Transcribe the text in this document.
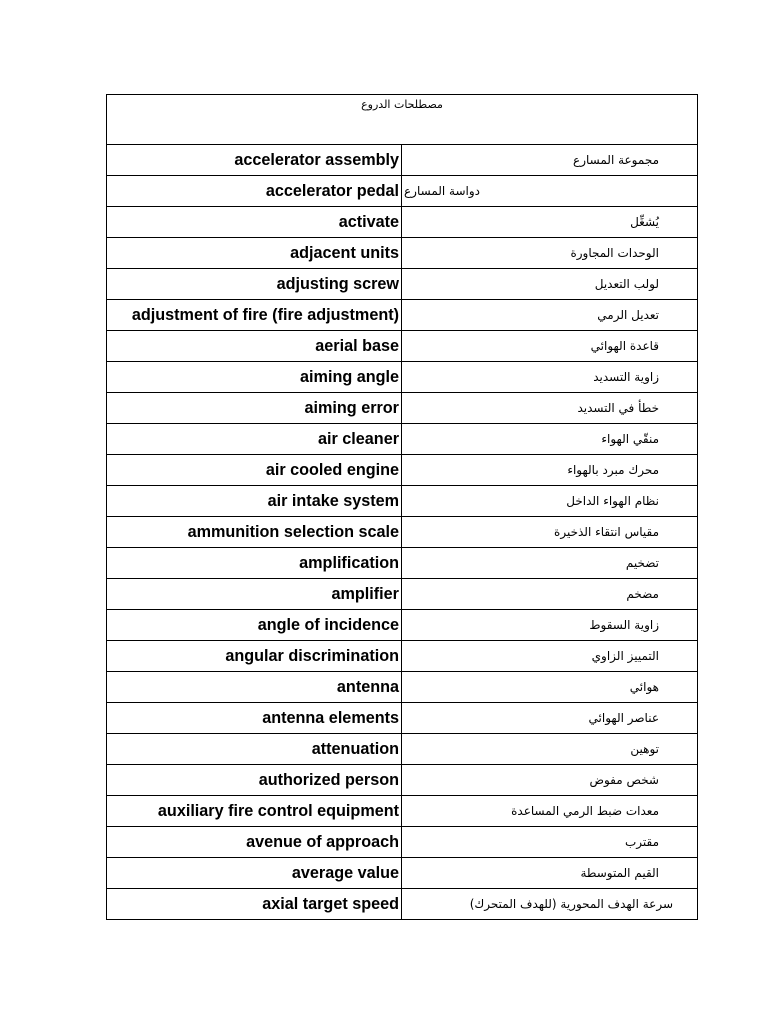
مصطلحات الدروع	
accelerator assembly	مجموعة المسارع
accelerator pedal	دواسة المسارع
activate	يُشغِّل
adjacent units	الوحدات المجاورة
adjusting screw	لولب التعديل
adjustment of fire (fire adjustment)	تعديل الرمي
aerial base	قاعدة الهوائي
aiming angle	زاوية التسديد
aiming error	خطأ في التسديد
air cleaner	منقّي الهواء
air cooled engine	محرك مبرد بالهواء
air intake system	نظام الهواء الداخل
ammunition selection scale	مقياس انتقاء الذخيرة
amplification	تضخيم
amplifier	مضخم
angle of incidence	زاوية السقوط
angular discrimination	التمييز الزاوي
antenna	هوائي
antenna elements	عناصر الهوائي
attenuation	توهين
authorized person	شخص مفوض
auxiliary fire control equipment	معدات ضبط الرمي المساعدة
avenue of approach	مقترب
average value	القيم المتوسطة
axial target speed	سرعة الهدف المحورية (للهدف المتحرك)
